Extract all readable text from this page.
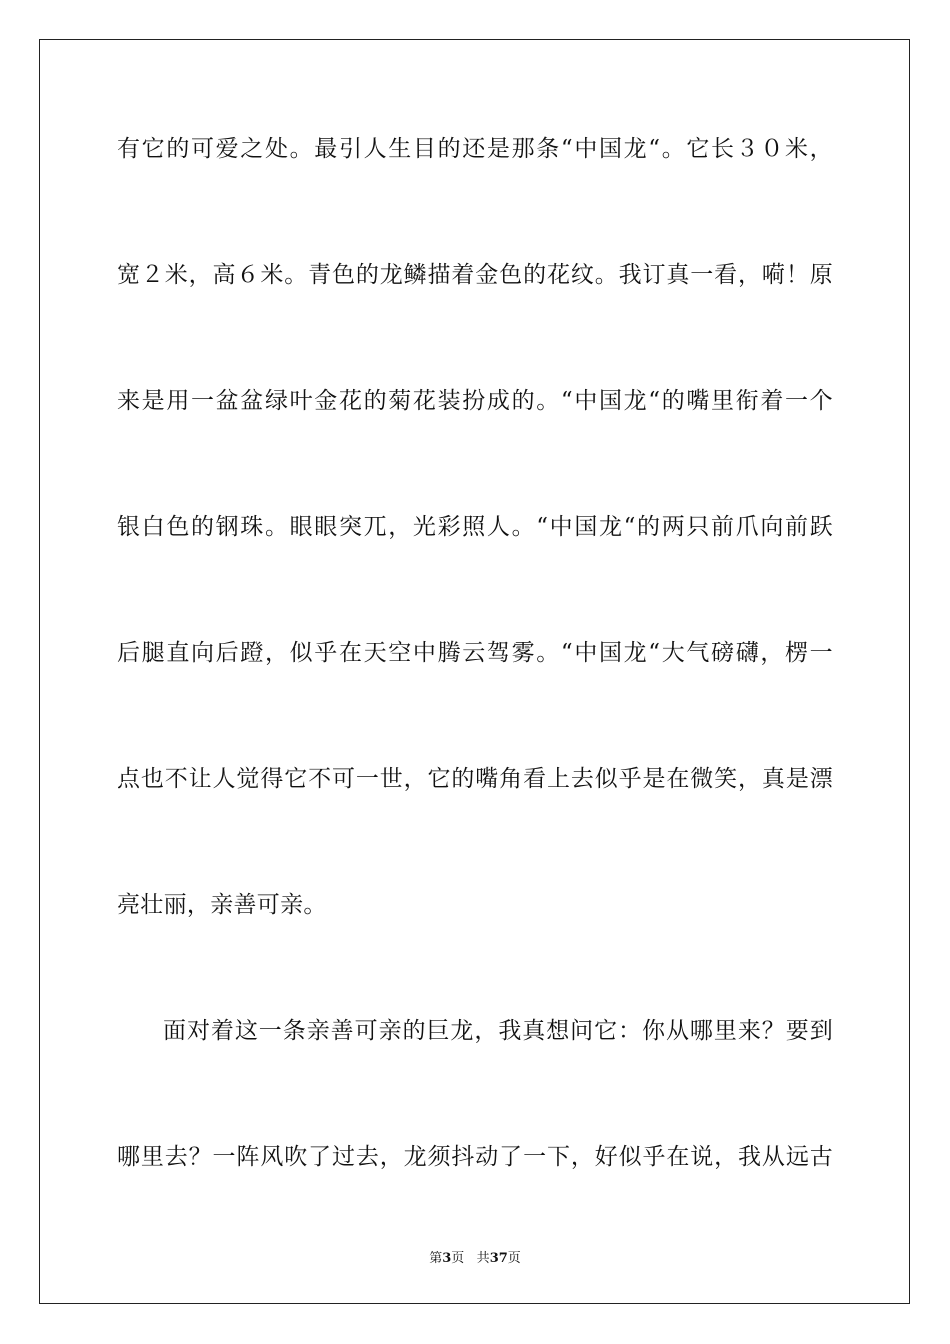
有它的可爱之处。最引人生目的还是那条“中国龙“。它长３０米，
宽２米，高６米。青色的龙鳞描着金色的花纹。我订真一看，嗬！原
来是用一盆盆绿叶金花的菊花装扮成的。“中国龙“的嘴里衔着一个
银白色的钢珠。眼眼突兀，光彩照人。“中国龙“的两只前爪向前跃
后腿直向后蹬，似乎在天空中腾云驾雾。“中国龙“大气磅礴，楞一
点也不让人觉得它不可一世，它的嘴角看上去似乎是在微笑，真是漂
亮壮丽，亲善可亲。
面对着这一条亲善可亲的巨龙，我真想问它：你从哪里来？要到
哪里去？一阵风吹了过去，龙须抖动了一下，好似乎在说，我从远古
第3页 共37页
